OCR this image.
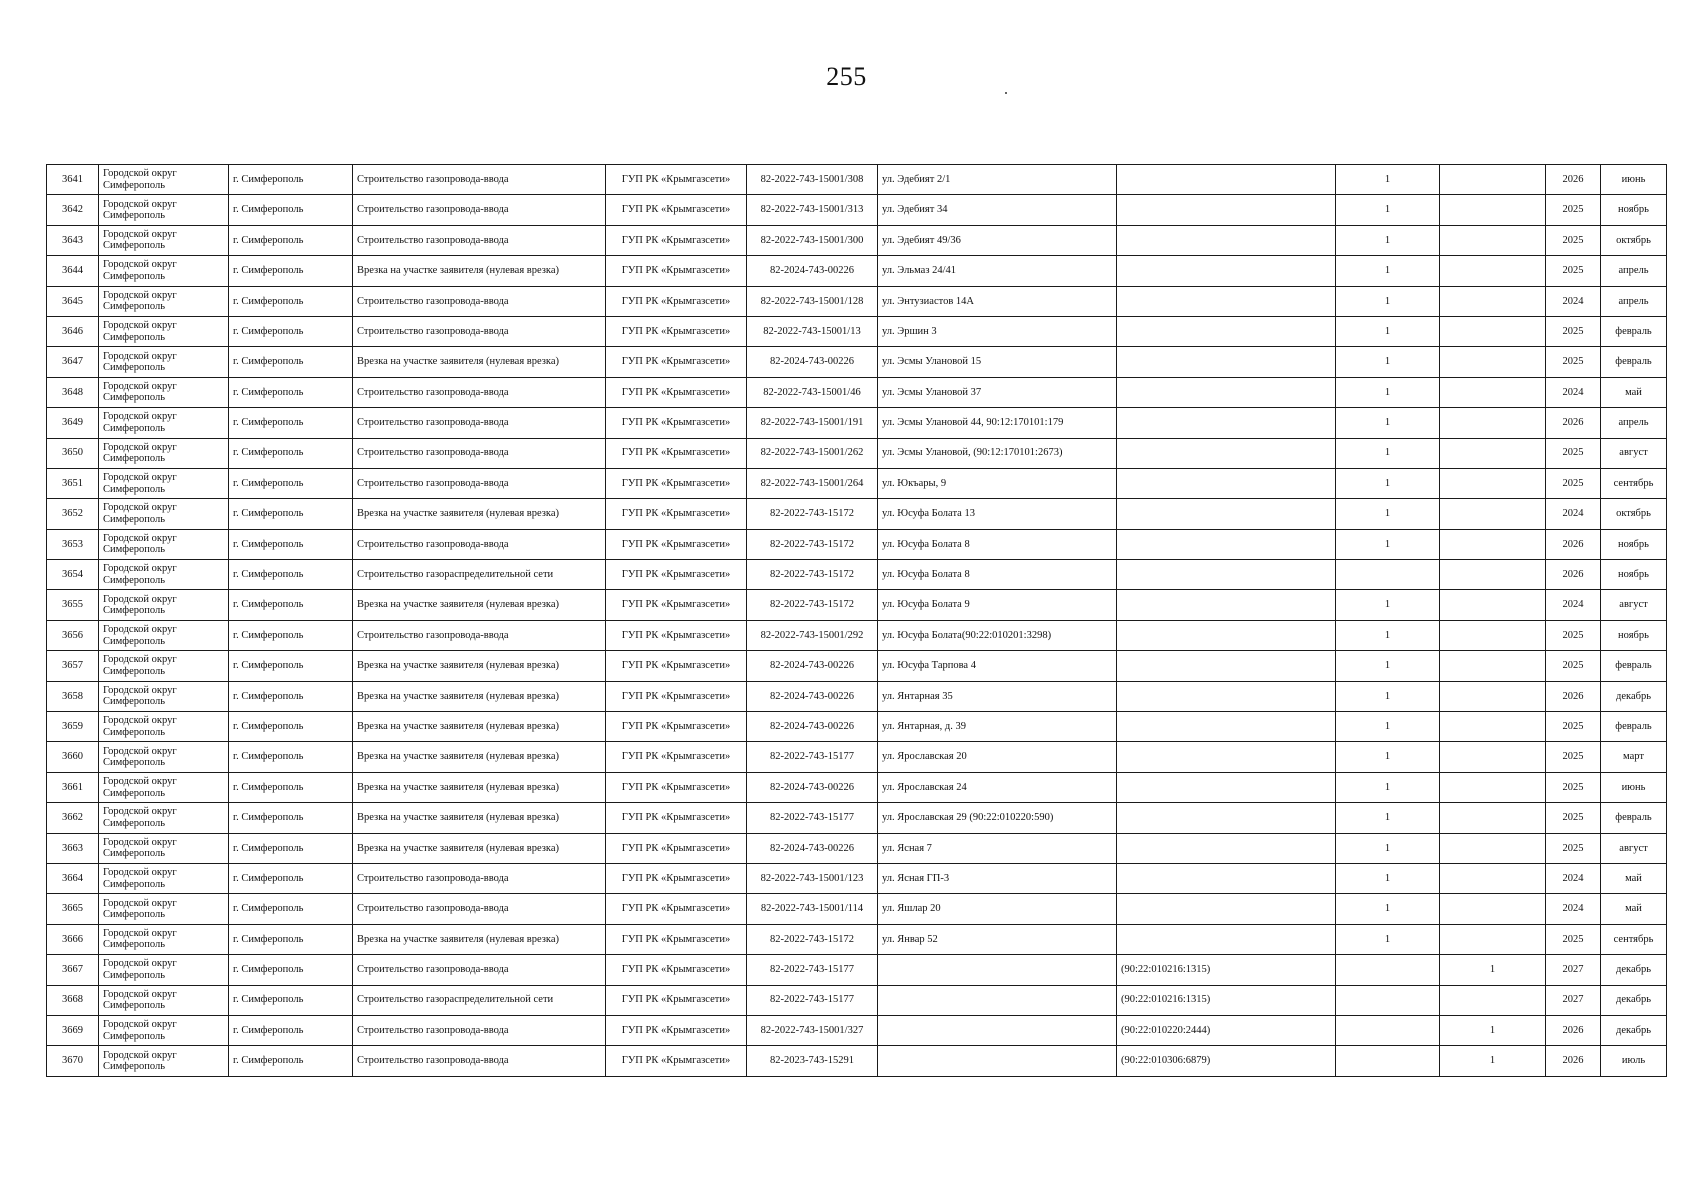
255
3641	Городской округ Симферополь	г. Симферополь	Строительство газопровода-ввода	ГУП РК «Крымгазсети»	82-2022-743-15001/308	ул. Эдебият 2/1		1		2026	июнь
3642	Городской округ Симферополь	г. Симферополь	Строительство газопровода-ввода	ГУП РК «Крымгазсети»	82-2022-743-15001/313	ул. Эдебият 34		1		2025	ноябрь
3643	Городской округ Симферополь	г. Симферополь	Строительство газопровода-ввода	ГУП РК «Крымгазсети»	82-2022-743-15001/300	ул. Эдебият 49/36		1		2025	октябрь
3644	Городской округ Симферополь	г. Симферополь	Врезка на участке заявителя (нулевая врезка)	ГУП РК «Крымгазсети»	82-2024-743-00226	ул. Эльмаз 24/41		1		2025	апрель
3645	Городской округ Симферополь	г. Симферополь	Строительство газопровода-ввода	ГУП РК «Крымгазсети»	82-2022-743-15001/128	ул. Энтузиастов 14А		1		2024	апрель
3646	Городской округ Симферополь	г. Симферополь	Строительство газопровода-ввода	ГУП РК «Крымгазсети»	82-2022-743-15001/13	ул. Эршин 3		1		2025	февраль
3647	Городской округ Симферополь	г. Симферополь	Врезка на участке заявителя (нулевая врезка)	ГУП РК «Крымгазсети»	82-2024-743-00226	ул. Эсмы Улановой 15		1		2025	февраль
3648	Городской округ Симферополь	г. Симферополь	Строительство газопровода-ввода	ГУП РК «Крымгазсети»	82-2022-743-15001/46	ул. Эсмы Улановой 37		1		2024	май
3649	Городской округ Симферополь	г. Симферополь	Строительство газопровода-ввода	ГУП РК «Крымгазсети»	82-2022-743-15001/191	ул. Эсмы Улановой 44, 90:12:170101:179		1		2026	апрель
3650	Городской округ Симферополь	г. Симферополь	Строительство газопровода-ввода	ГУП РК «Крымгазсети»	82-2022-743-15001/262	ул. Эсмы Улановой, (90:12:170101:2673)		1		2025	август
3651	Городской округ Симферополь	г. Симферополь	Строительство газопровода-ввода	ГУП РК «Крымгазсети»	82-2022-743-15001/264	ул. Юкъары, 9		1		2025	сентябрь
3652	Городской округ Симферополь	г. Симферополь	Врезка на участке заявителя (нулевая врезка)	ГУП РК «Крымгазсети»	82-2022-743-15172	ул. Юсуфа Болата 13		1		2024	октябрь
3653	Городской округ Симферополь	г. Симферополь	Строительство газопровода-ввода	ГУП РК «Крымгазсети»	82-2022-743-15172	ул. Юсуфа Болата 8		1		2026	ноябрь
3654	Городской округ Симферополь	г. Симферополь	Строительство газораспределительной сети	ГУП РК «Крымгазсети»	82-2022-743-15172	ул. Юсуфа Болата 8				2026	ноябрь
3655	Городской округ Симферополь	г. Симферополь	Врезка на участке заявителя (нулевая врезка)	ГУП РК «Крымгазсети»	82-2022-743-15172	ул. Юсуфа Болата 9		1		2024	август
3656	Городской округ Симферополь	г. Симферополь	Строительство газопровода-ввода	ГУП РК «Крымгазсети»	82-2022-743-15001/292	ул. Юсуфа Болата(90:22:010201:3298)		1		2025	ноябрь
3657	Городской округ Симферополь	г. Симферополь	Врезка на участке заявителя (нулевая врезка)	ГУП РК «Крымгазсети»	82-2024-743-00226	ул. Юсуфа Тарпова 4		1		2025	февраль
3658	Городской округ Симферополь	г. Симферополь	Врезка на участке заявителя (нулевая врезка)	ГУП РК «Крымгазсети»	82-2024-743-00226	ул. Янтарная 35		1		2026	декабрь
3659	Городской округ Симферополь	г. Симферополь	Врезка на участке заявителя (нулевая врезка)	ГУП РК «Крымгазсети»	82-2024-743-00226	ул. Янтарная, д. 39		1		2025	февраль
3660	Городской округ Симферополь	г. Симферополь	Врезка на участке заявителя (нулевая врезка)	ГУП РК «Крымгазсети»	82-2022-743-15177	ул. Ярославская 20		1		2025	март
3661	Городской округ Симферополь	г. Симферополь	Врезка на участке заявителя (нулевая врезка)	ГУП РК «Крымгазсети»	82-2024-743-00226	ул. Ярославская 24		1		2025	июнь
3662	Городской округ Симферополь	г. Симферополь	Врезка на участке заявителя (нулевая врезка)	ГУП РК «Крымгазсети»	82-2022-743-15177	ул. Ярославская 29 (90:22:010220:590)		1		2025	февраль
3663	Городской округ Симферополь	г. Симферополь	Врезка на участке заявителя (нулевая врезка)	ГУП РК «Крымгазсети»	82-2024-743-00226	ул. Ясная 7		1		2025	август
3664	Городской округ Симферополь	г. Симферополь	Строительство газопровода-ввода	ГУП РК «Крымгазсети»	82-2022-743-15001/123	ул. Ясная ГП-3		1		2024	май
3665	Городской округ Симферополь	г. Симферополь	Строительство газопровода-ввода	ГУП РК «Крымгазсети»	82-2022-743-15001/114	ул. Яшлар 20		1		2024	май
3666	Городской округ Симферополь	г. Симферополь	Врезка на участке заявителя (нулевая врезка)	ГУП РК «Крымгазсети»	82-2022-743-15172	ул. Январ 52		1		2025	сентябрь
3667	Городской округ Симферополь	г. Симферополь	Строительство газопровода-ввода	ГУП РК «Крымгазсети»	82-2022-743-15177		(90:22:010216:1315)		1	2027	декабрь
3668	Городской округ Симферополь	г. Симферополь	Строительство газораспределительной сети	ГУП РК «Крымгазсети»	82-2022-743-15177		(90:22:010216:1315)			2027	декабрь
3669	Городской округ Симферополь	г. Симферополь	Строительство газопровода-ввода	ГУП РК «Крымгазсети»	82-2022-743-15001/327		(90:22:010220:2444)		1	2026	декабрь
3670	Городской округ Симферополь	г. Симферополь	Строительство газопровода-ввода	ГУП РК «Крымгазсети»	82-2023-743-15291		(90:22:010306:6879)		1	2026	июль
